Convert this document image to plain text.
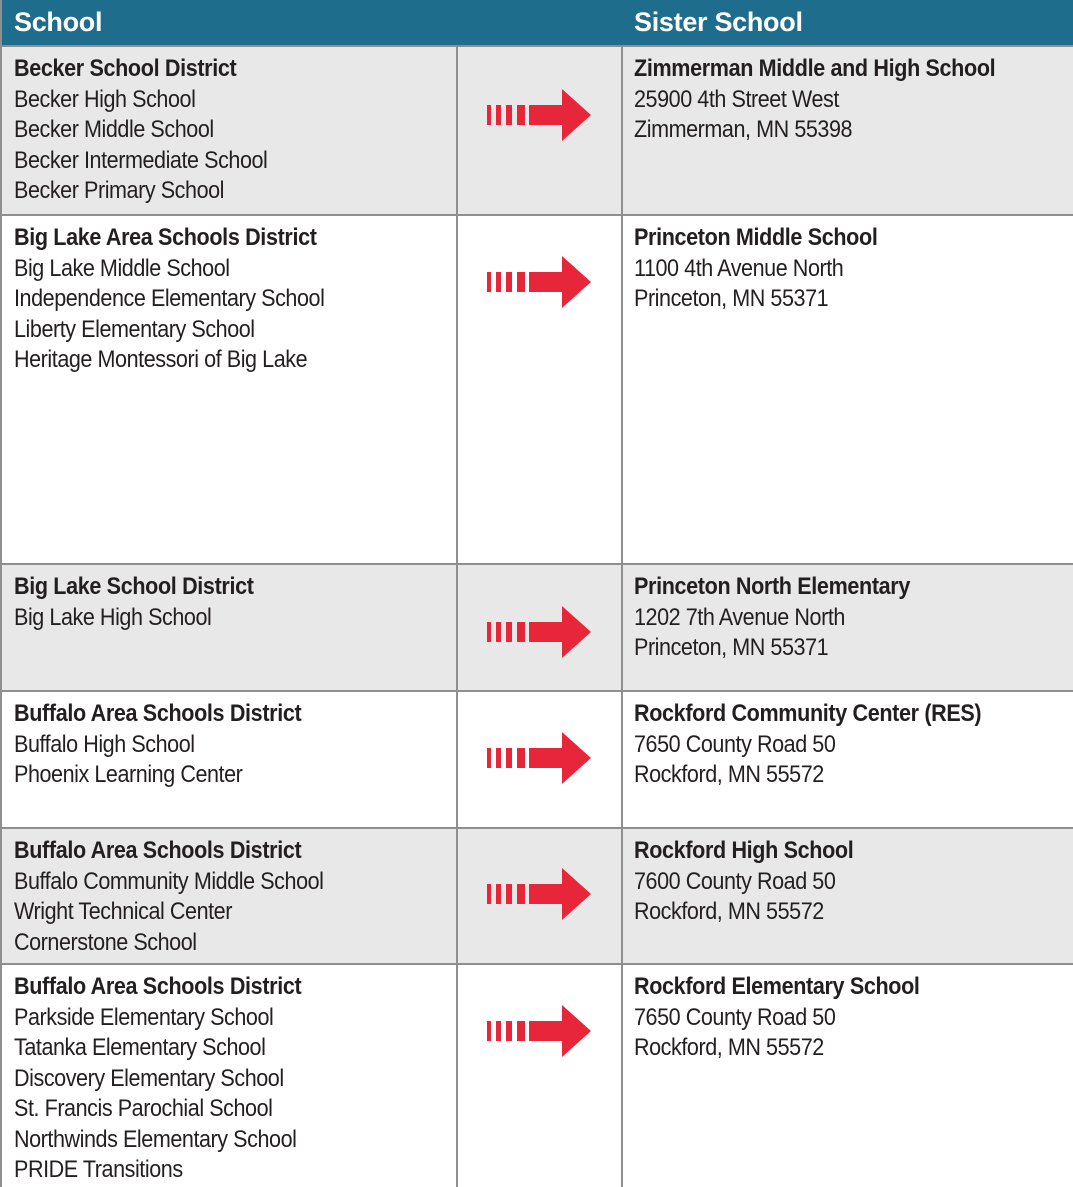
School	Sister School
Becker School District
Becker High School
Becker Middle School
Becker Intermediate School
Becker Primary School
Zimmerman Middle and High School
25900 4th Street West
Zimmerman, MN 55398
Big Lake Area Schools District
Big Lake Middle School
Independence Elementary School
Liberty Elementary School
Heritage Montessori of Big Lake
Princeton Middle School
1100 4th Avenue North
Princeton, MN 55371
Big Lake School District
Big Lake High School
Princeton North Elementary
1202 7th Avenue North
Princeton, MN 55371
Buffalo Area Schools District
Buffalo High School
Phoenix Learning Center
Rockford Community Center (RES)
7650 County Road 50
Rockford, MN 55572
Buffalo Area Schools District
Buffalo Community Middle School
Wright Technical Center
Cornerstone School
Rockford High School
7600 County Road 50
Rockford, MN 55572
Buffalo Area Schools District
Parkside Elementary School
Tatanka Elementary School
Discovery Elementary School
St. Francis Parochial School
Northwinds Elementary School
PRIDE Transitions
Rockford Elementary School
7650 County Road 50
Rockford, MN 55572
